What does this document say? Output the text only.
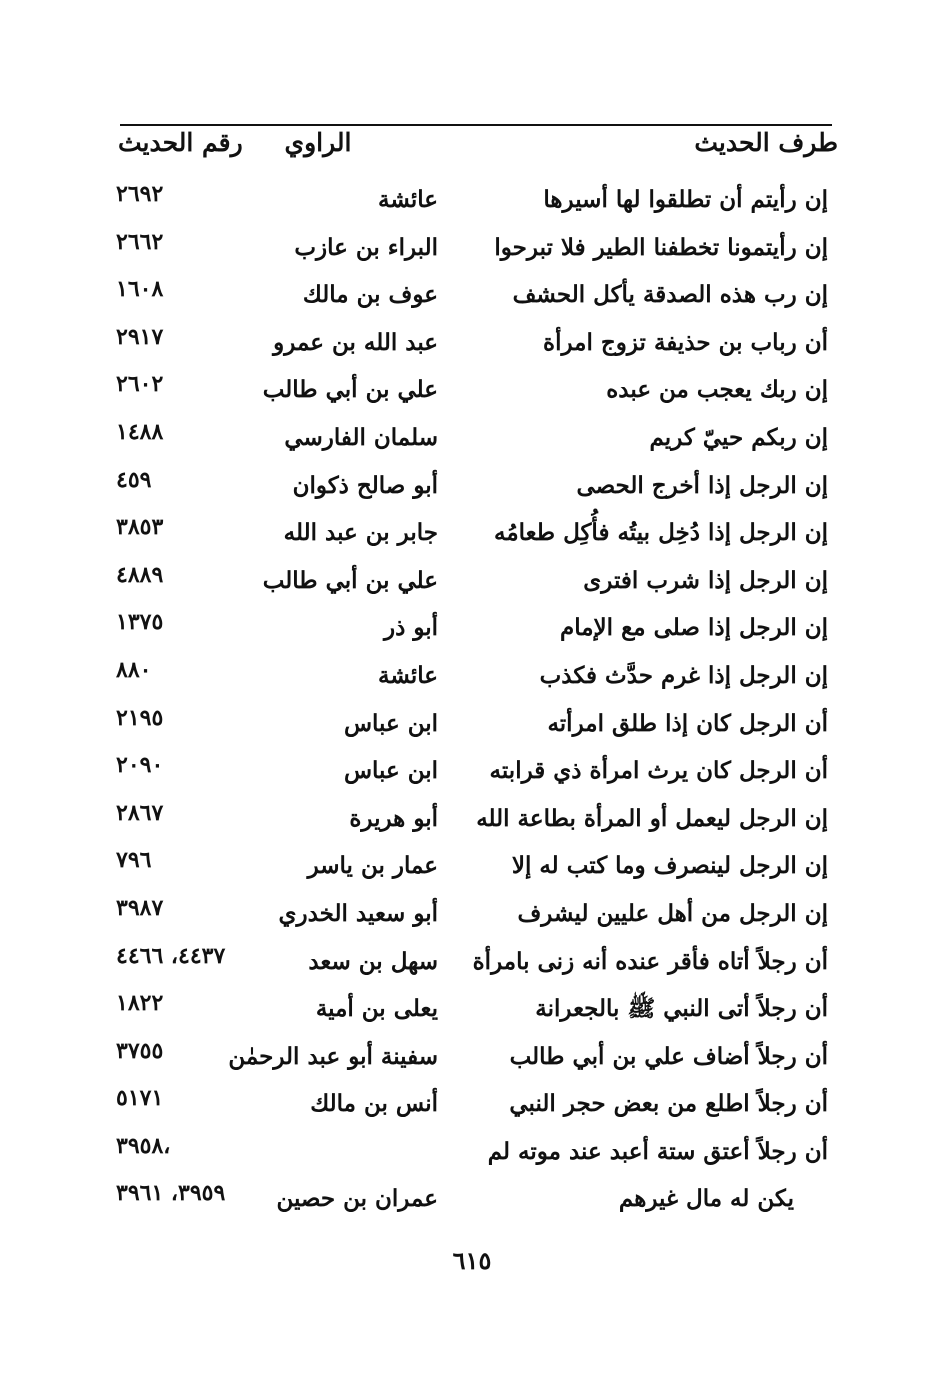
طرف الحديث
الراوي
رقم الحديث
إن رأيتم أن تطلقوا لها أسيرها
عائشة
٢٦٩٢
إن رأيتمونا تخطفنا الطير فلا تبرحوا
البراء بن عازب
٢٦٦٢
إن رب هذه الصدقة يأكل الحشف
عوف بن مالك
١٦٠٨
أن رباب بن حذيفة تزوج امرأة
عبد الله بن عمرو
٢٩١٧
إن ربك يعجب من عبده
علي بن أبي طالب
٢٦٠٢
إن ربكم حييّ كريم
سلمان الفارسي
١٤٨٨
إن الرجل إذا أخرج الحصى
أبو صالح ذكوان
٤٥٩
إن الرجل إذا دُخِل بيتُه فأُكِل طعامُه
جابر بن عبد الله
٣٨٥٣
إن الرجل إذا شرب افترى
علي بن أبي طالب
٤٨٨٩
إن الرجل إذا صلى مع الإمام
أبو ذر
١٣٧٥
إن الرجل إذا غرم حدَّث فكذب
عائشة
٨٨٠
أن الرجل كان إذا طلق امرأته
ابن عباس
٢١٩٥
أن الرجل كان يرث امرأة ذي قرابته
ابن عباس
٢٠٩٠
إن الرجل ليعمل أو المرأة بطاعة الله
أبو هريرة
٢٨٦٧
إن الرجل لينصرف وما كتب له إلا
عمار بن ياسر
٧٩٦
إن الرجل من أهل عليين ليشرف
أبو سعيد الخدري
٣٩٨٧
أن رجلاً أتاه فأقر عنده أنه زنى بامرأة
سهل بن سعد
٤٤٣٧، ٤٤٦٦
أن رجلاً أتى النبي ﷺ بالجعرانة
يعلى بن أمية
١٨٢٢
أن رجلاً أضاف علي بن أبي طالب
سفينة أبو عبد الرحمٰن
٣٧٥٥
أن رجلاً اطلع من بعض حجر النبي
أنس بن مالك
٥١٧١
أن رجلاً أعتق ستة أعبد عند موته لم
٣٩٥٨،
يكن له مال غيرهم
عمران بن حصين
٣٩٥٩، ٣٩٦١
٦١٥
